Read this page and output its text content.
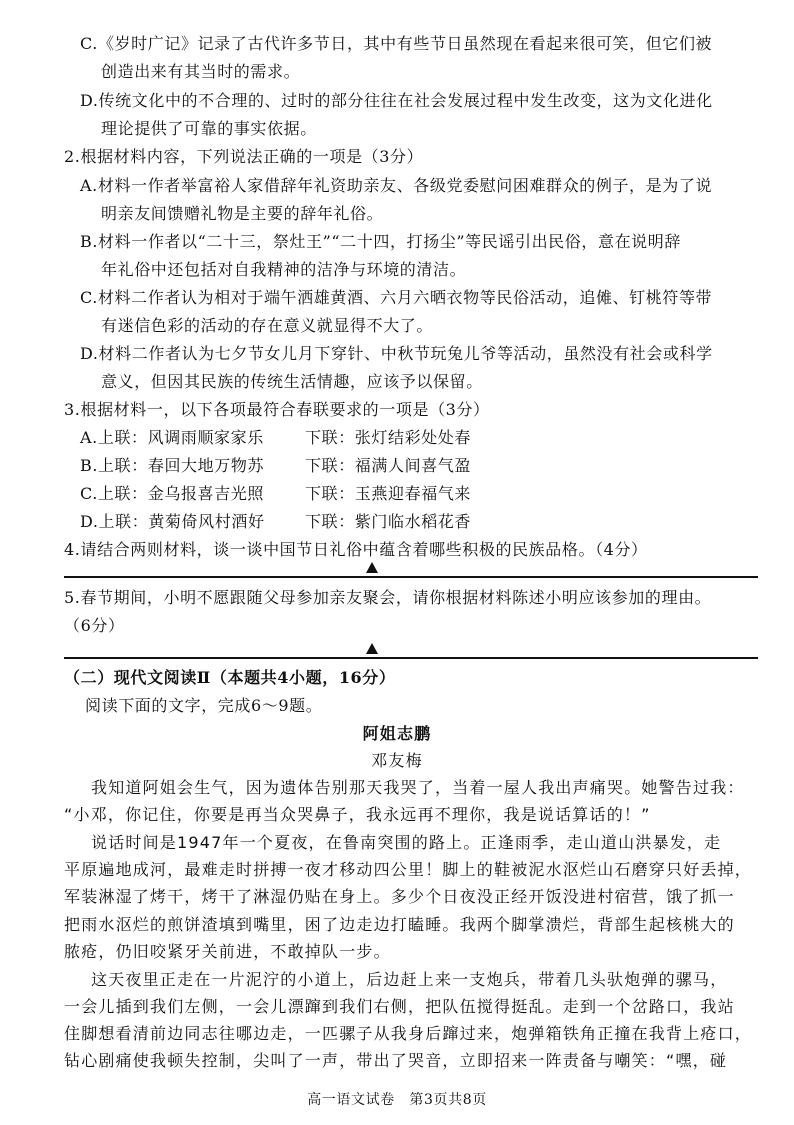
C.《岁时广记》记录了古代许多节日，其中有些节日虽然现在看起来很可笑，但它们被
创造出来有其当时的需求。
D.传统文化中的不合理的、过时的部分往往在社会发展过程中发生改变，这为文化进化
理论提供了可靠的事实依据。
2.根据材料内容，下列说法正确的一项是（3分）
A.材料一作者举富裕人家借辞年礼资助亲友、各级党委慰问困难群众的例子，是为了说
明亲友间馈赠礼物是主要的辞年礼俗。
B.材料一作者以“二十三，祭灶王”“二十四，打扬尘”等民谣引出民俗，意在说明辞
年礼俗中还包括对自我精神的洁净与环境的清洁。
C.材料二作者认为相对于端午洒雄黄酒、六月六晒衣物等民俗活动，追傩、钉桃符等带
有迷信色彩的活动的存在意义就显得不大了。
D.材料二作者认为七夕节女儿月下穿针、中秋节玩兔儿爷等活动，虽然没有社会或科学
意义，但因其民族的传统生活情趣，应该予以保留。
3.根据材料一，以下各项最符合春联要求的一项是（3分）
A.上联：风调雨顺家家乐	下联：张灯结彩处处春
B.上联：春回大地万物苏	下联：福满人间喜气盈
C.上联：金乌报喜吉光照	下联：玉燕迎春福气来
D.上联：黄菊倚风村酒好	下联：紫门临水稻花香
4.请结合两则材料，谈一谈中国节日礼俗中蕴含着哪些积极的民族品格。（4分）
5.春节期间，小明不愿跟随父母参加亲友聚会，请你根据材料陈述小明应该参加的理由。
（6分）
（二）现代文阅读Ⅱ（本题共4小题，16分）
阅读下面的文字，完成6～9题。
阿姐志鹏
邓友梅
我知道阿姐会生气，因为遗体告别那天我哭了，当着一屋人我出声痛哭。她警告过我：
“小邓，你记住，你要是再当众哭鼻子，我永远再不理你，我是说话算话的！”
说话时间是1947年一个夏夜，在鲁南突围的路上。正逢雨季，走山道山洪暴发，走
平原遍地成河，最难走时拼搏一夜才移动四公里！脚上的鞋被泥水沤烂山石磨穿只好丢掉，
军装淋湿了烤干，烤干了淋湿仍贴在身上。多少个日夜没正经开饭没进村宿营，饿了抓一
把雨水沤烂的煎饼渣填到嘴里，困了边走边打瞌睡。我两个脚掌溃烂，背部生起核桃大的
脓疮，仍旧咬紧牙关前进，不敢掉队一步。
这天夜里正走在一片泥泞的小道上，后边赶上来一支炮兵，带着几头驮炮弹的骡马，
一会儿插到我们左侧，一会儿漂蹿到我们右侧，把队伍搅得挺乱。走到一个岔路口，我站
住脚想看清前边同志往哪边走，一匹骡子从我身后蹿过来，炮弹箱铁角正撞在我背上疮口，
钻心剧痛使我顿失控制，尖叫了一声，带出了哭音，立即招来一阵责备与嘲笑：“嘿，碰
高一语文试卷　第3页共8页
